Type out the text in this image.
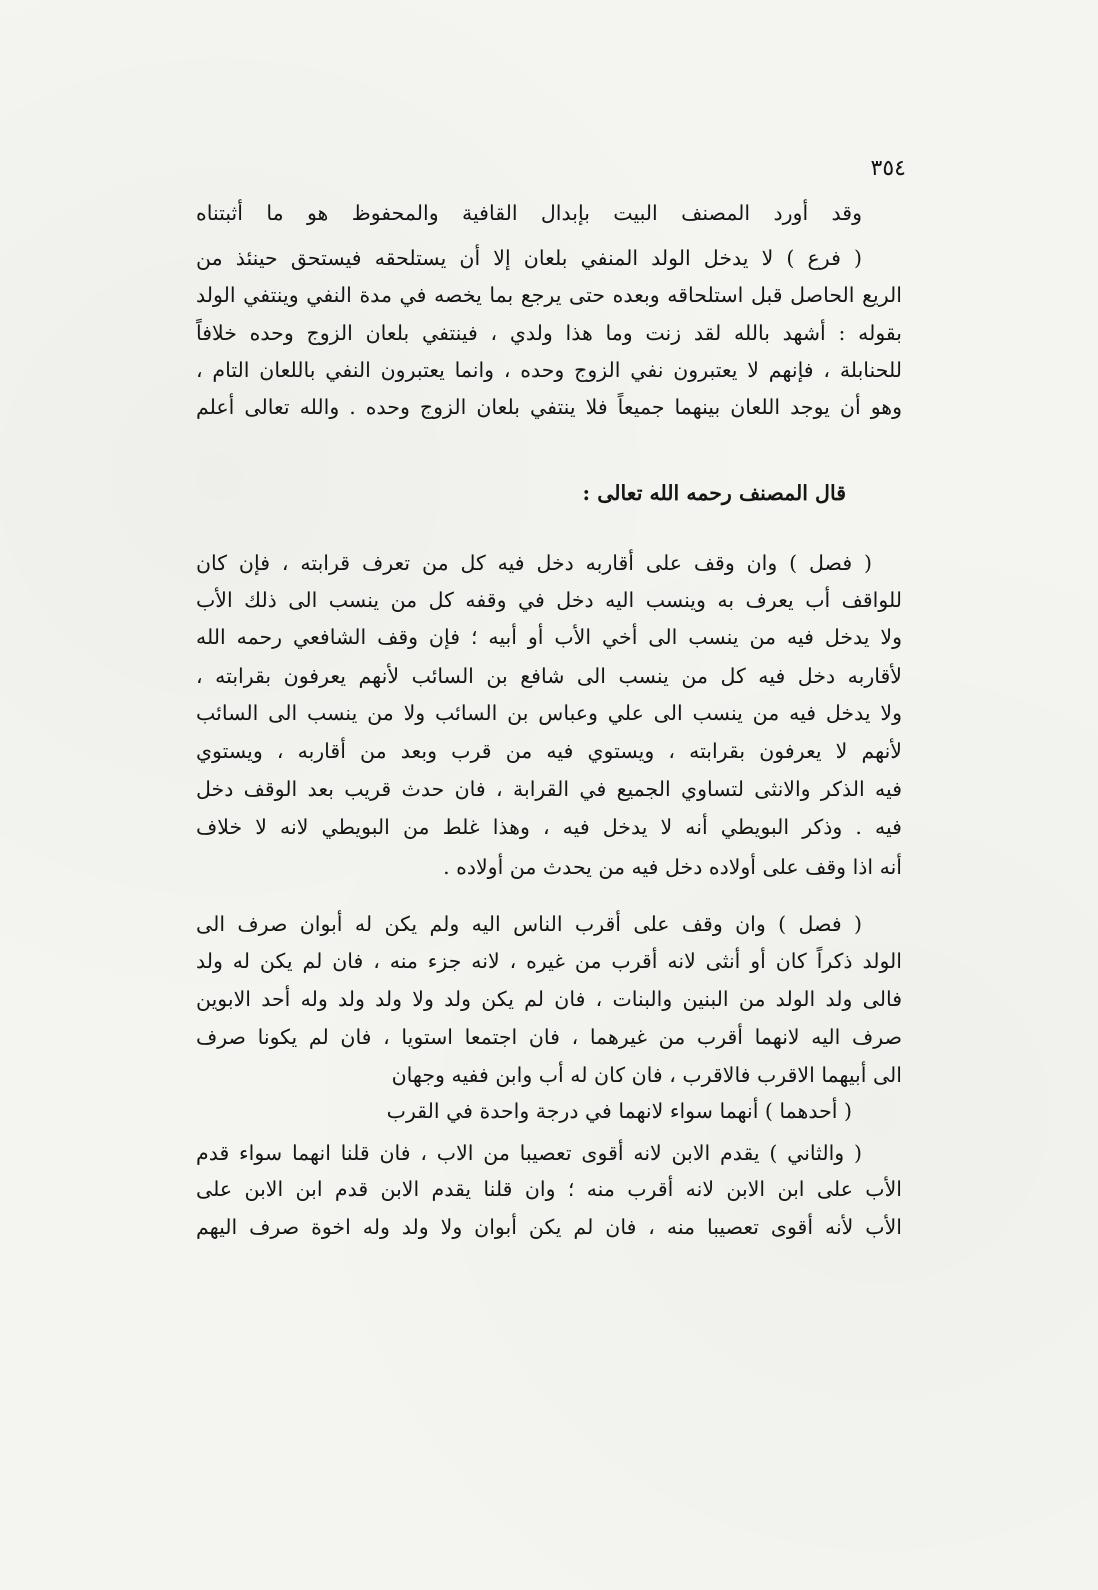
٣٥٤
وقد أورد المصنف البيت بإبدال القافية والمحفوظ هو ما أثبتناه
( فرع ) لا يدخل الولد المنفي بلعان إلا أن يستلحقه فيستحق حينئذ من
الريع الحاصل قبل استلحاقه وبعده حتى يرجع بما يخصه في مدة النفي وينتفي الولد
بقوله : أشهد بالله لقد زنت وما هذا ولدي ، فينتفي بلعان الزوج وحده خلافاً
للحنابلة ، فإنهم لا يعتبرون نفي الزوج وحده ، وانما يعتبرون النفي باللعان التام ،
وهو أن يوجد اللعان بينهما جميعاً فلا ينتفي بلعان الزوج وحده . والله تعالى أعلم
قال المصنف رحمه الله تعالى :
( فصل ) وان وقف على أقاربه دخل فيه كل من تعرف قرابته ، فإن كان
للواقف أب يعرف به وينسب اليه دخل في وقفه كل من ينسب الى ذلك الأب
ولا يدخل فيه من ينسب الى أخي الأب أو أبيه ؛ فإن وقف الشافعي رحمه الله
لأقاربه دخل فيه كل من ينسب الى شافع بن السائب لأنهم يعرفون بقرابته ،
ولا يدخل فيه من ينسب الى علي وعباس بن السائب ولا من ينسب الى السائب
لأنهم لا يعرفون بقرابته ، ويستوي فيه من قرب وبعد من أقاربه ، ويستوي
فيه الذكر والانثى لتساوي الجميع في القرابة ، فان حدث قريب بعد الوقف دخل
فيه . وذكر البويطي أنه لا يدخل فيه ، وهذا غلط من البويطي لانه لا خلاف
أنه اذا وقف على أولاده دخل فيه من يحدث من أولاده .
( فصل ) وان وقف على أقرب الناس اليه ولم يكن له أبوان صرف الى
الولد ذكراً كان أو أنثى لانه أقرب من غيره ، لانه جزء منه ، فان لم يكن له ولد
فالى ولد الولد من البنين والبنات ، فان لم يكن ولد ولا ولد ولد وله أحد الابوين
صرف اليه لانهما أقرب من غيرهما ، فان اجتمعا استويا ، فان لم يكونا صرف
الى أبيهما الاقرب فالاقرب ، فان كان له أب وابن ففيه وجهان
( أحدهما ) أنهما سواء لانهما في درجة واحدة في القرب
( والثاني ) يقدم الابن لانه أقوى تعصيبا من الاب ، فان قلنا انهما سواء قدم
الأب على ابن الابن لانه أقرب منه ؛ وان قلنا يقدم الابن قدم ابن الابن على
الأب لأنه أقوى تعصيبا منه ، فان لم يكن أبوان ولا ولد وله اخوة صرف اليهم
